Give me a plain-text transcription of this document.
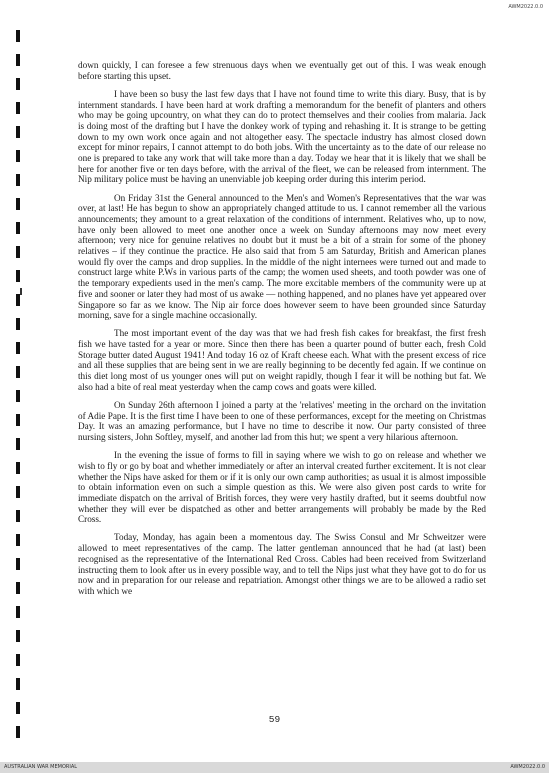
AWM2022.0.0

down quickly, I can foresee a few strenuous days when we eventually get out of this. I was weak enough before starting this upset.

I have been so busy the last few days that I have not found time to write this diary. Busy, that is by internment standards. I have been hard at work drafting a memorandum for the benefit of planters and others who may be going upcountry, on what they can do to protect themselves and their coolies from malaria. Jack is doing most of the drafting but I have the donkey work of typing and rehashing it. It is strange to be getting down to my own work once again and not altogether easy. The spectacle industry has almost closed down except for minor repairs, I cannot attempt to do both jobs. With the uncertainty as to the date of our release no one is prepared to take any work that will take more than a day. Today we hear that it is likely that we shall be here for another five or ten days before, with the arrival of the fleet, we can be released from internment. The Nip military police must be having an unenviable job keeping order during this interim period.

On Friday 31st the General announced to the Men's and Women's Representatives that the war was over, at last! He has begun to show an appropriately changed attitude to us. I cannot remember all the various announcements; they amount to a great relaxation of the conditions of internment. Relatives who, up to now, have only been allowed to meet one another once a week on Sunday afternoons may now meet every afternoon; very nice for genuine relatives no doubt but it must be a bit of a strain for some of the phoney relatives – if they continue the practice. He also said that from 5 am Saturday, British and American planes would fly over the camps and drop supplies. In the middle of the night internees were turned out and made to construct large white P.Ws in various parts of the camp; the women used sheets, and tooth powder was one of the temporary expedients used in the men's camp. The more excitable members of the community were up at five and sooner or later they had most of us awake — nothing happened, and no planes have yet appeared over Singapore so far as we know. The Nip air force does however seem to have been grounded since Saturday morning, save for a single machine occasionally.

The most important event of the day was that we had fresh fish cakes for breakfast, the first fresh fish we have tasted for a year or more. Since then there has been a quarter pound of butter each, fresh Cold Storage butter dated August 1941! And today 16 oz of Kraft cheese each. What with the present excess of rice and all these supplies that are being sent in we are really beginning to be decently fed again. If we continue on this diet long most of us younger ones will put on weight rapidly, though I fear it will be nothing but fat. We also had a bite of real meat yesterday when the camp cows and goats were killed.

On Sunday 26th afternoon I joined a party at the 'relatives' meeting in the orchard on the invitation of Adie Pape. It is the first time I have been to one of these performances, except for the meeting on Christmas Day. It was an amazing performance, but I have no time to describe it now. Our party consisted of three nursing sisters, John Softley, myself, and another lad from this hut; we spent a very hilarious afternoon.

In the evening the issue of forms to fill in saying where we wish to go on release and whether we wish to fly or go by boat and whether immediately or after an interval created further excitement. It is not clear whether the Nips have asked for them or if it is only our own camp authorities; as usual it is almost impossible to obtain information even on such a simple question as this. We were also given post cards to write for immediate dispatch on the arrival of British forces, they were very hastily drafted, but it seems doubtful now whether they will ever be dispatched as other and better arrangements will probably be made by the Red Cross.

Today, Monday, has again been a momentous day. The Swiss Consul and Mr Schweitzer were allowed to meet representatives of the camp. The latter gentleman announced that he had (at last) been recognised as the representative of the International Red Cross. Cables had been received from Switzerland instructing them to look after us in every possible way, and to tell the Nips just what they have got to do for us now and in preparation for our release and repatriation. Amongst other things we are to be allowed a radio set with which we

59
AUSTRALIAN WAR MEMORIAL	AWM2022.0.0
